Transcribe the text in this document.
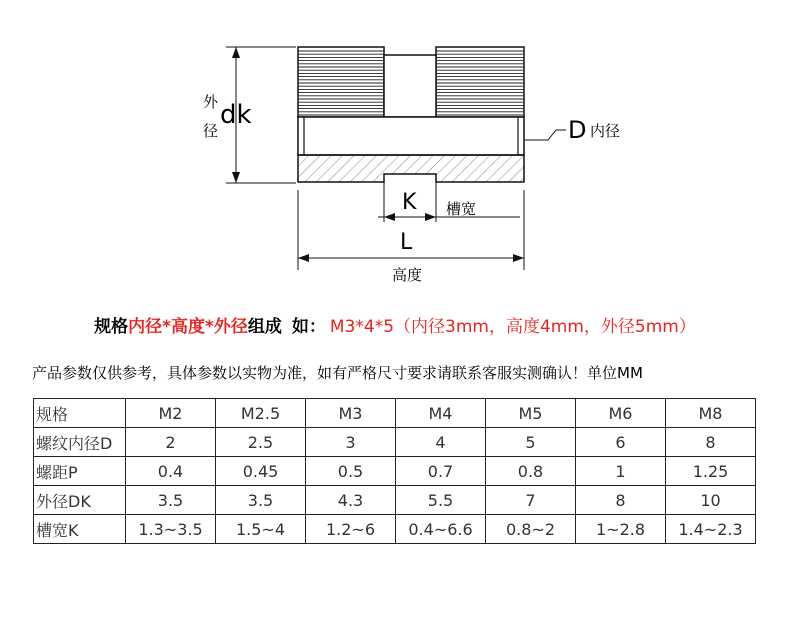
外
径
dk	D 内径
K 槽宽
L
高度
规格内径*高度*外径组成 如： M3*4*5（内径3mm，高度4mm，外径5mm）
产品参数仅供参考，具体参数以实物为准，如有严格尺寸要求请联系客服实测确认！单位MM
规格	M2	M2.5	M3	M4	M5	M6	M8
螺纹内径D	2	2.5	3	4	5	6	8
螺距P	0.4	0.45	0.5	0.7	0.8	1	1.25
外径DK	3.5	3.5	4.3	5.5	7	8	10
槽宽K	1.3~3.5	1.5~4	1.2~6	0.4~6.6	0.8~2	1~2.8	1.4~2.3
